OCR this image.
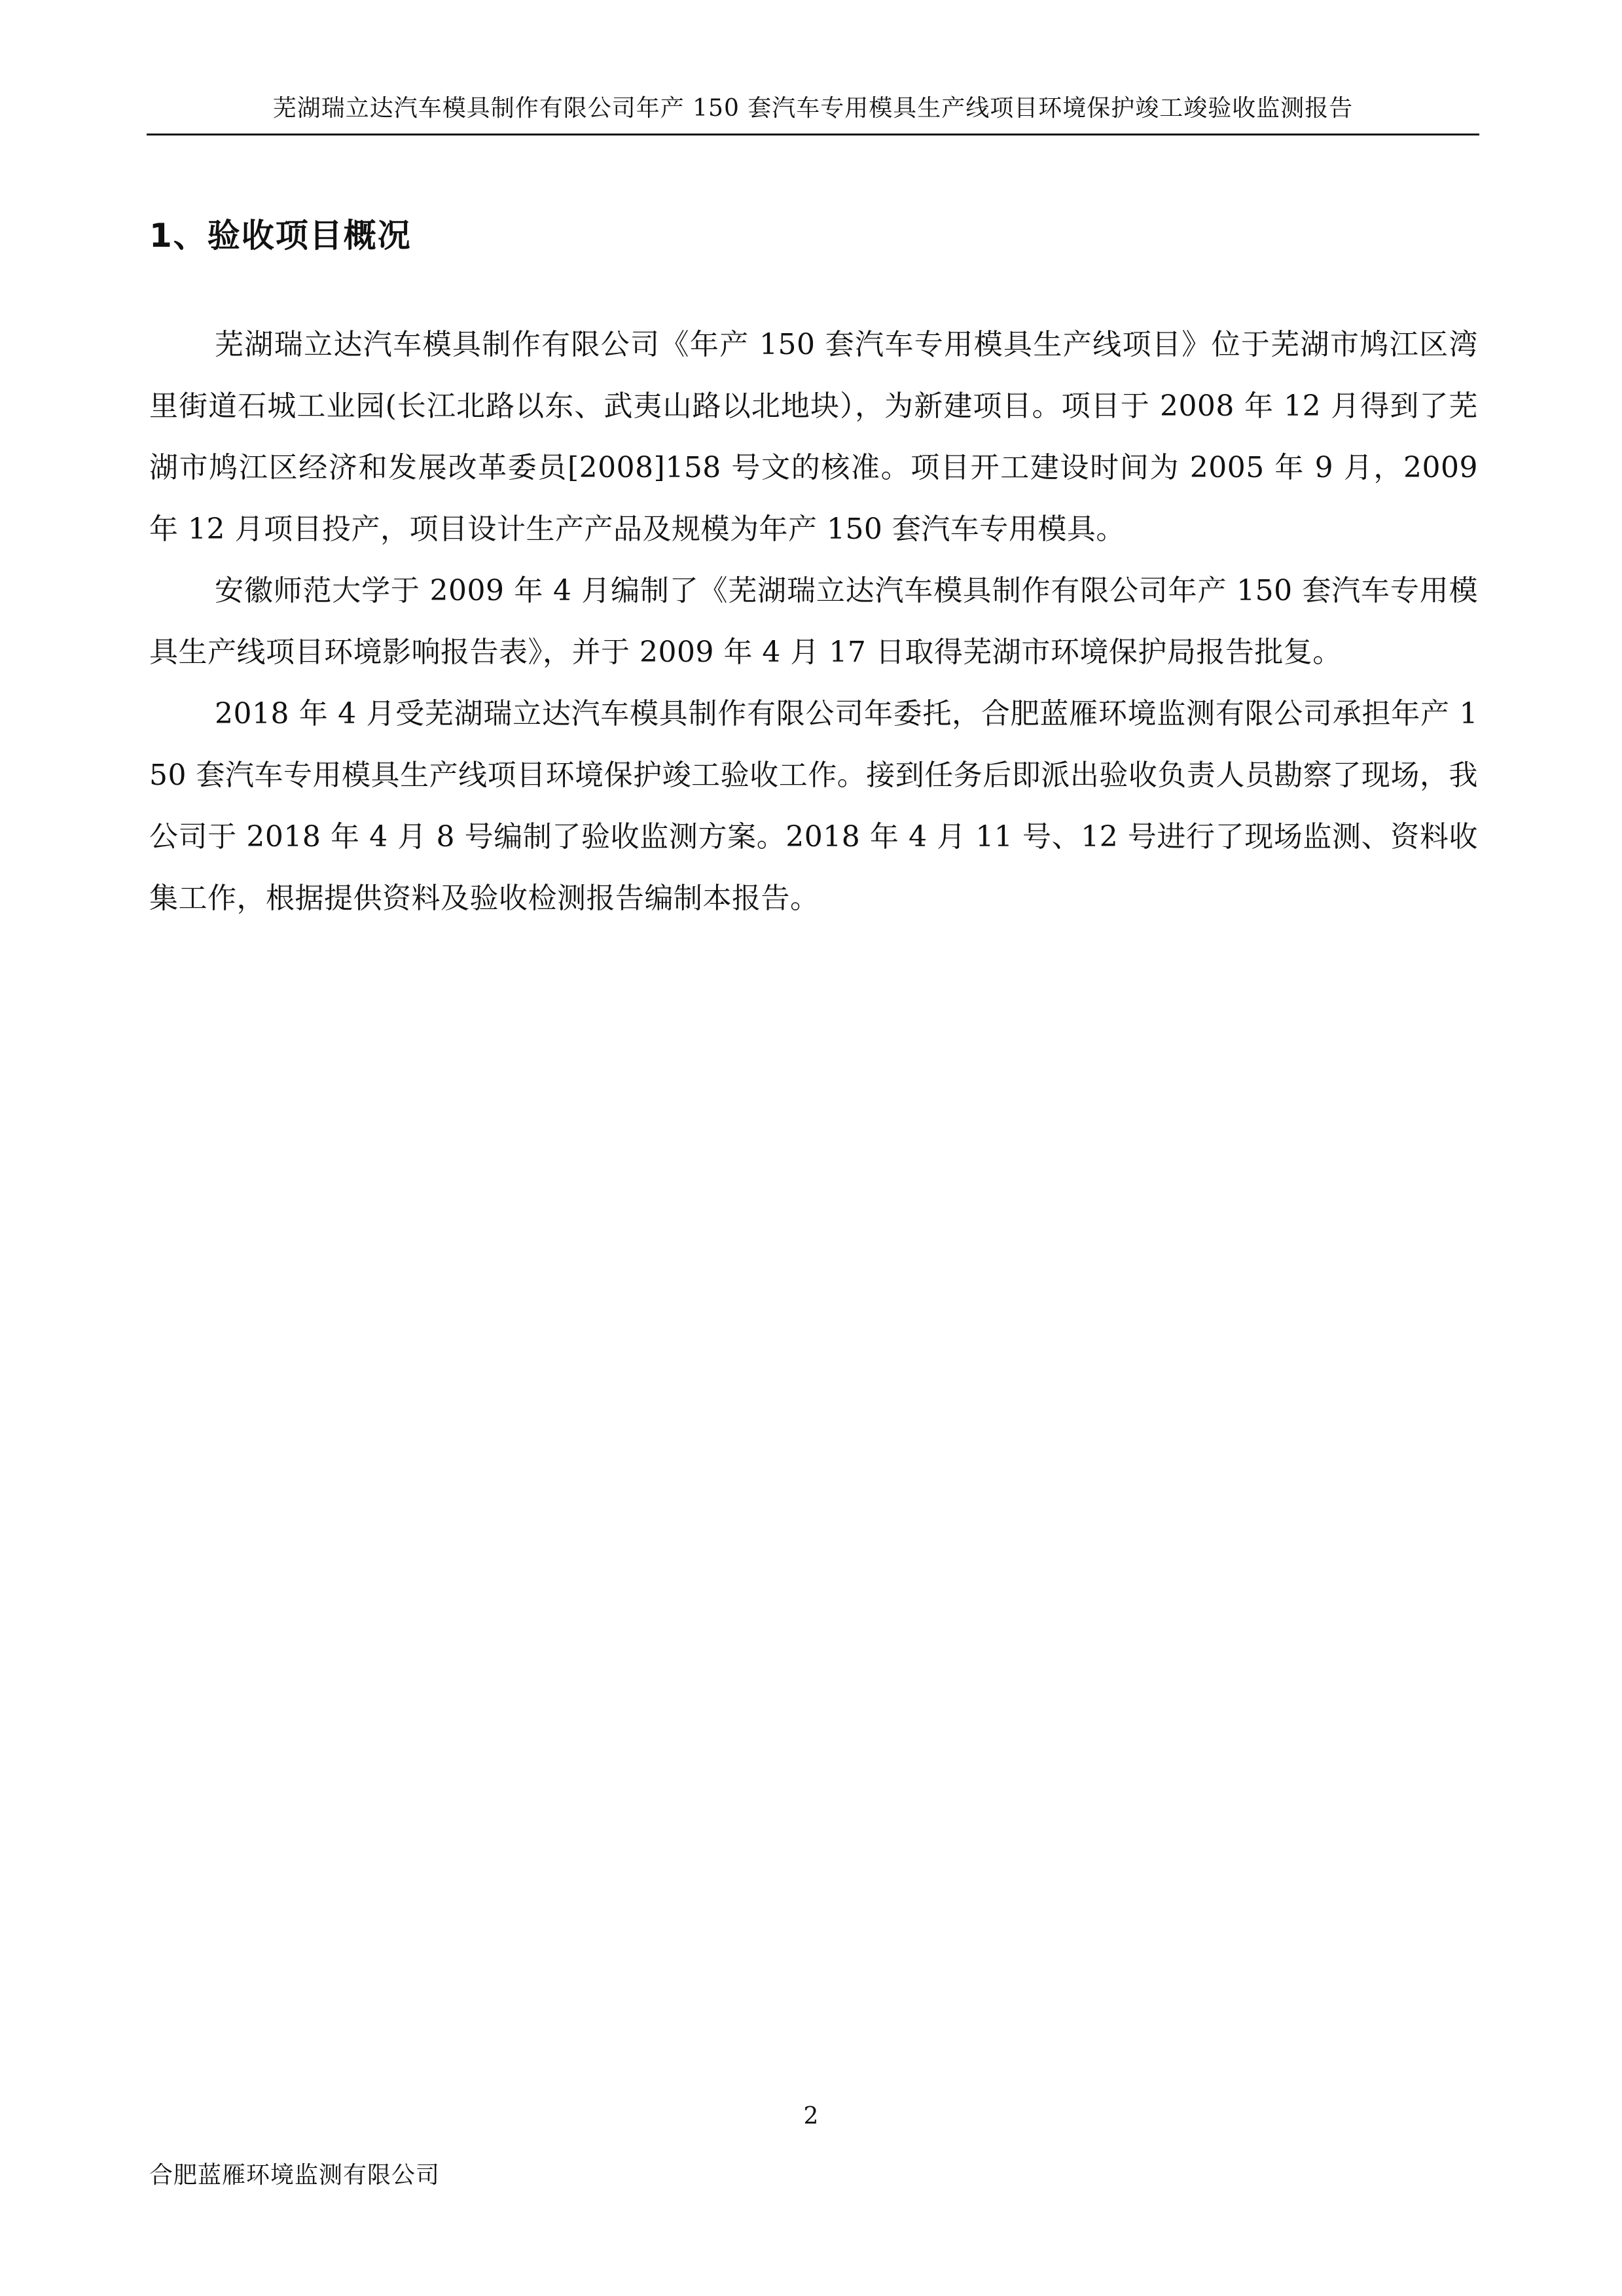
芜湖瑞立达汽车模具制作有限公司年产 150 套汽车专用模具生产线项目环境保护竣工竣验收监测报告
1、验收项目概况

芜湖瑞立达汽车模具制作有限公司《年产 150 套汽车专用模具生产线项目》位于芜湖市鸠江区湾里街道石城工业园(长江北路以东、武夷山路以北地块），为新建项目。项目于 2008 年 12 月得到了芜湖市鸠江区经济和发展改革委员[2008]158 号文的核准。项目开工建设时间为 2005 年 9 月，2009 年 12 月项目投产，项目设计生产产品及规模为年产 150 套汽车专用模具。

安徽师范大学于 2009 年 4 月编制了《芜湖瑞立达汽车模具制作有限公司年产 150 套汽车专用模具生产线项目环境影响报告表》，并于 2009 年 4 月 17 日取得芜湖市环境保护局报告批复。

2018 年 4 月受芜湖瑞立达汽车模具制作有限公司年委托，合肥蓝雁环境监测有限公司承担年产 150 套汽车专用模具生产线项目环境保护竣工验收工作。接到任务后即派出验收负责人员勘察了现场，我公司于 2018 年 4 月 8 号编制了验收监测方案。2018 年 4 月 11 号、12 号进行了现场监测、资料收集工作，根据提供资料及验收检测报告编制本报告。

2
合肥蓝雁环境监测有限公司
